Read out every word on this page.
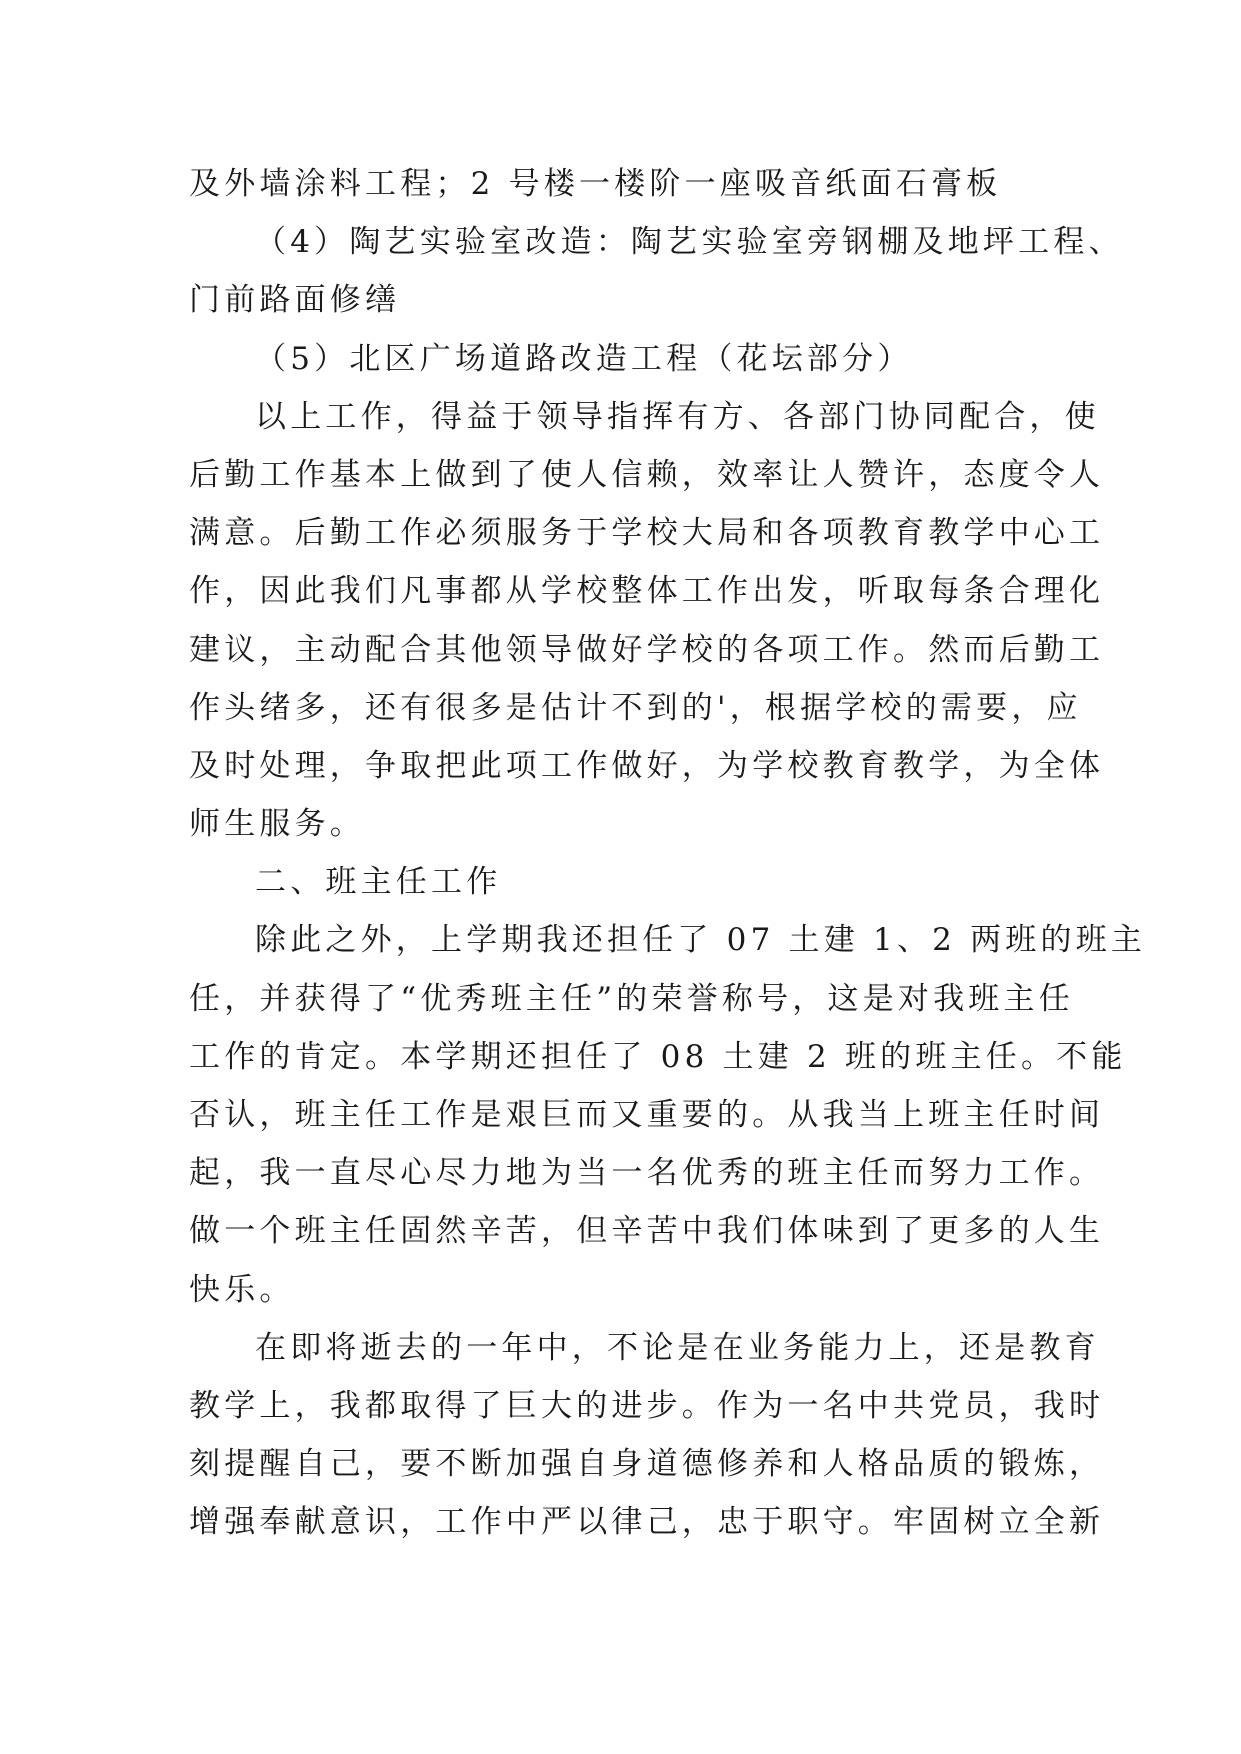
及外墙涂料工程；2 号楼一楼阶一座吸音纸面石膏板
（4）陶艺实验室改造：陶艺实验室旁钢棚及地坪工程、
门前路面修缮
（5）北区广场道路改造工程（花坛部分）
以上工作，得益于领导指挥有方、各部门协同配合，使
后勤工作基本上做到了使人信赖，效率让人赞许，态度令人
满意。后勤工作必须服务于学校大局和各项教育教学中心工
作，因此我们凡事都从学校整体工作出发，听取每条合理化
建议，主动配合其他领导做好学校的各项工作。然而后勤工
作头绪多，还有很多是估计不到的'，根据学校的需要，应
及时处理，争取把此项工作做好，为学校教育教学，为全体
师生服务。
二、班主任工作
除此之外，上学期我还担任了 07 土建 1、2 两班的班主
任，并获得了“优秀班主任”的荣誉称号，这是对我班主任
工作的肯定。本学期还担任了 08 土建 2 班的班主任。不能
否认，班主任工作是艰巨而又重要的。从我当上班主任时间
起，我一直尽心尽力地为当一名优秀的班主任而努力工作。
做一个班主任固然辛苦，但辛苦中我们体味到了更多的人生
快乐。
在即将逝去的一年中，不论是在业务能力上，还是教育
教学上，我都取得了巨大的进步。作为一名中共党员，我时
刻提醒自己，要不断加强自身道德修养和人格品质的锻炼，
增强奉献意识，工作中严以律己，忠于职守。牢固树立全新
